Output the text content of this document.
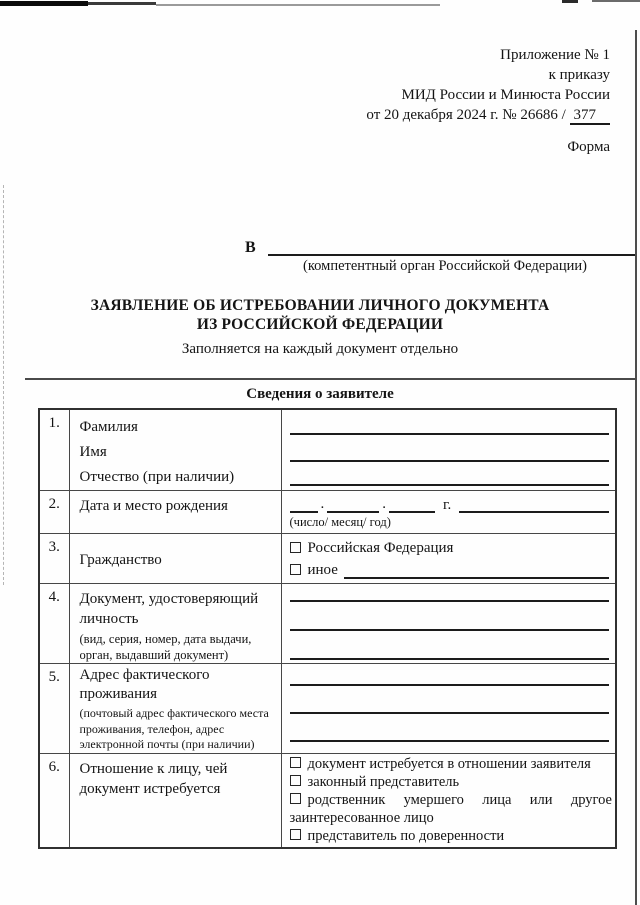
Приложение № 1
к приказу
МИД России и Минюста России
от 20 декабря 2024 г. № 26686 / 377
Форма
В
(компетентный орган Российской Федерации)
ЗАЯВЛЕНИЕ ОБ ИСТРЕБОВАНИИ ЛИЧНОГО ДОКУМЕНТА
ИЗ РОССИЙСКОЙ ФЕДЕРАЦИИ
Заполняется на каждый документ отдельно
Сведения о заявителе
1.	Фамилия
Имя
Отчество (при наличии)	

2.	Дата и место рождения	. . г.
(число/ месяц/ год)

3.	Гражданство	Российская Федерация
иное

4.	Документ, удостоверяющий личность
(вид, серия, номер, дата выдачи, орган, выдавший документ)	

5.	Адрес фактического проживания
(почтовый адрес фактического места проживания, телефон, адрес электронной почты (при наличии)	

6.	Отношение к лицу, чей документ истребуется	документ истребуется в отношении заявителя
законный представитель
родственник умершего лица или другое заинтересованное лицо
представитель по доверенности
